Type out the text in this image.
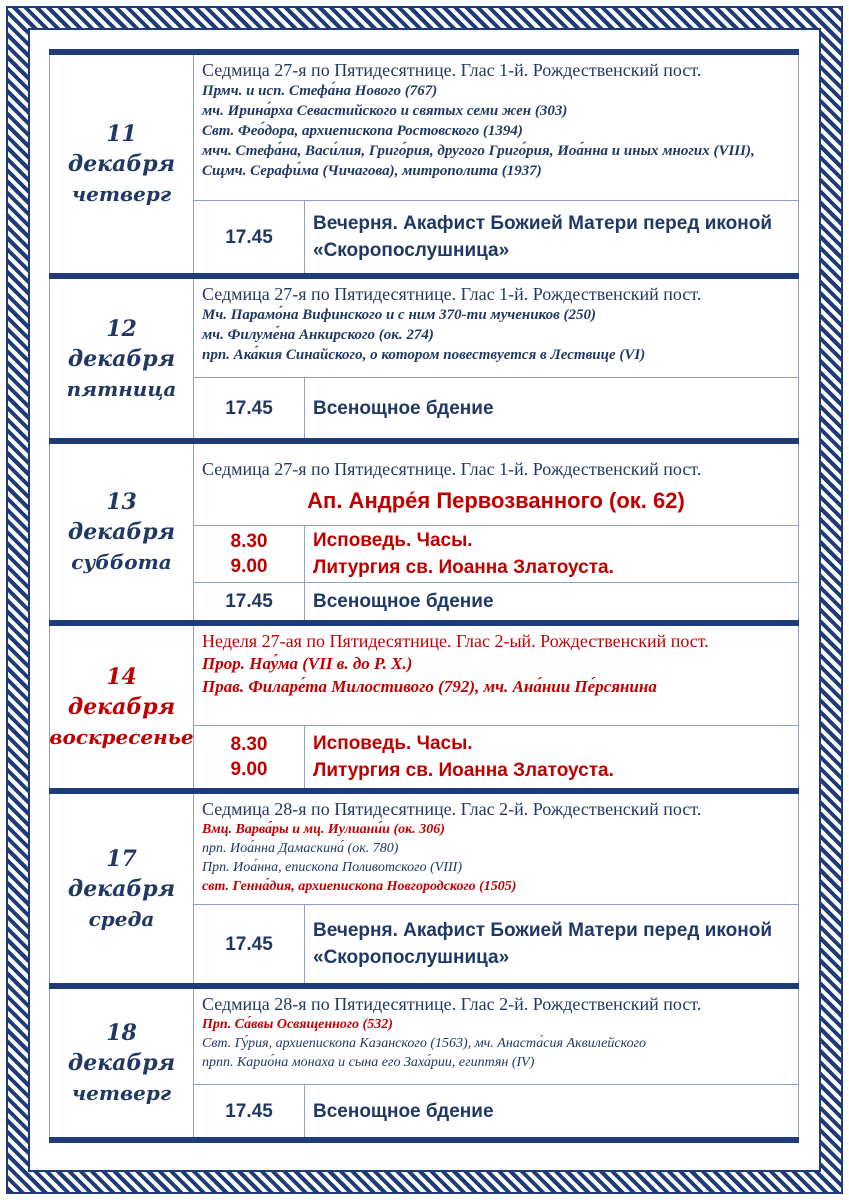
11 декабря
четверг
Седмица 27-я по Пятидесятнице. Глас 1-й. Рождественский пост.
Прмч. и исп. Стефа́на Нового (767)
мч. Ирина́рха Севастийского и святых семи жен (303)
Свт. Фео́дора, архиепископа Ростовского (1394)
мчч. Стефа́на, Васи́лия, Григо́рия, другого Григо́рия, Иоа́нна и иных многих (VIII), Сщмч. Серафи́ма (Чичагова), митрополита (1937)
17.45
Вечерня. Акафист Божией Матери перед иконой «Скоропослушница»
12 декабря
пятница
Седмица 27-я по Пятидесятнице. Глас 1-й. Рождественский пост.
Мч. Парамо́на Вифинского и с ним 370-ти мучеников (250)
мч. Филуме́на Анкирского (ок. 274)
прп. Ака́кия Синайского, о котором повествуется в Лествице (VI)
17.45 Всенощное бдение
13 декабря
суббота
Седмица 27-я по Пятидесятнице. Глас 1-й. Рождественский пост.
Ап. Андре́я Первозванного (ок. 62)
8.30
9.00
Исповедь. Часы.
Литургия св. Иоанна Златоуста.
17.45 Всенощное бдение
14 декабря
воскресенье
Неделя 27-ая по Пятидесятнице. Глас 2-ый. Рождественский пост.
Прор. Нау́ма (VII в. до Р. Х.)
Прав. Филаре́та Милостивого (792), мч. Ана́нии Пе́рсянина
8.30
9.00
Исповедь. Часы.
Литургия св. Иоанна Златоуста.
17 декабря
среда
Седмица 28-я по Пятидесятнице. Глас 2-й. Рождественский пост.
Вмц. Варва́ры и мц. Иулиани́и (ок. 306)
прп. Иоа́нна Дамаскина́ (ок. 780)
Прп. Иоа́нна, епископа Поливотского (VIII)
свт. Генна́дия, архиепископа Новгородского (1505)
17.45
Вечерня. Акафист Божией Матери перед иконой «Скоропослушница»
18 декабря
четверг
Седмица 28-я по Пятидесятнице. Глас 2-й. Рождественский пост.
Прп. Са́ввы Освященного (532)
Свт. Гу́рия, архиепископа Казанского (1563), мч. Анаста́сия Аквилейского
прпп. Карио́на монаха и сына его Заха́рии, египтян (IV)
17.45 Всенощное бдение
